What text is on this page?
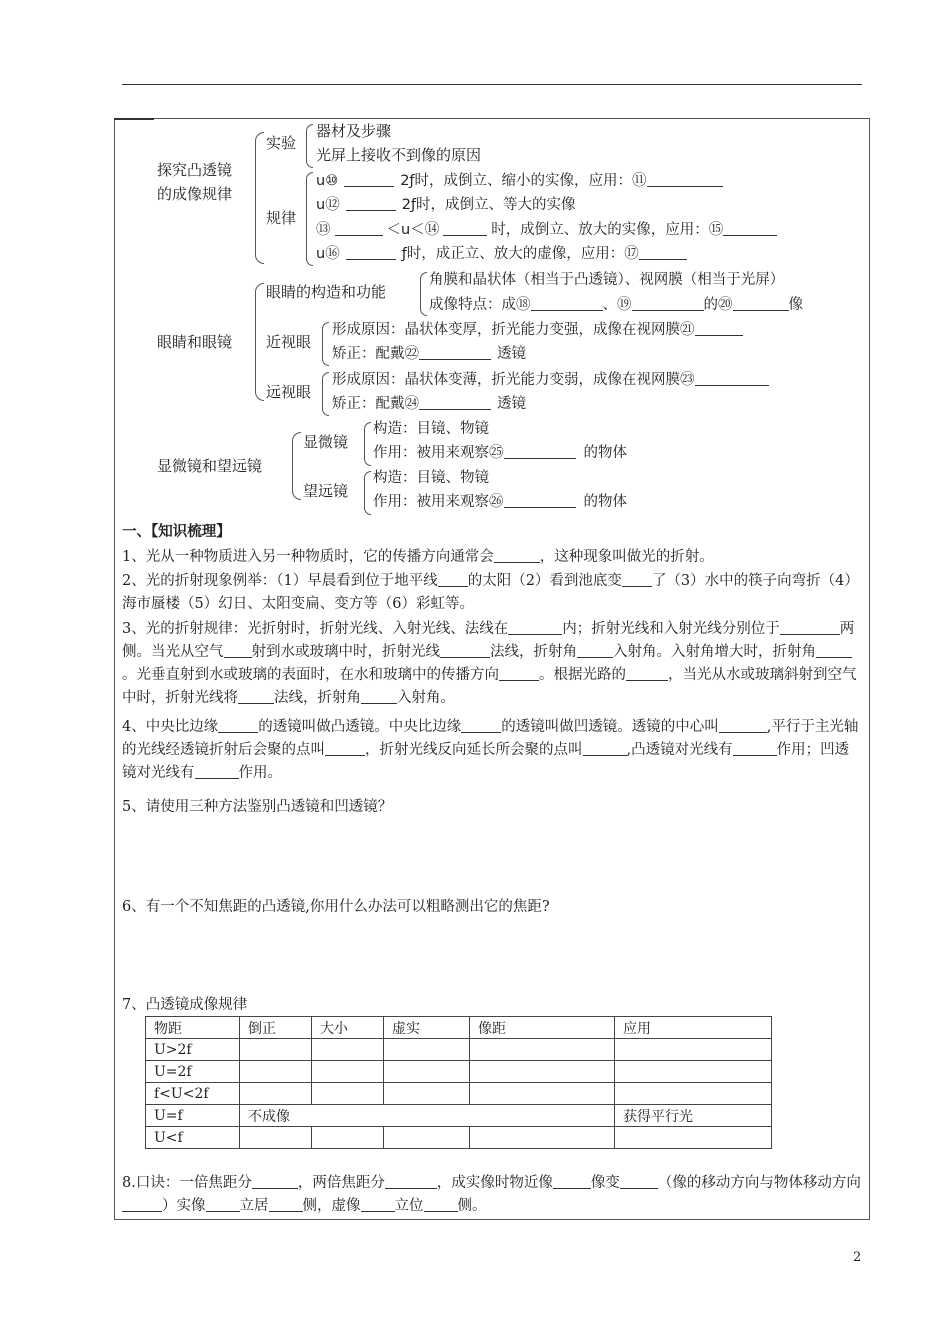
探究凸透镜
的成像规律
实验
器材及步骤
光屏上接收不到像的原因
规律
u⑩	2ƒ时，成倒立、缩小的实像，应用：⑪
u⑫	2ƒ时，成倒立、等大的实像
⑬	＜u＜⑭	时，成倒立、放大的实像，应用：⑮
u⑯	ƒ时，成正立、放大的虚像，应用：⑰
眼睛和眼镜
眼睛的构造和功能
角膜和晶状体（相当于凸透镜）、视网膜（相当于光屏）
成像特点：成⑱	、⑲	的⑳	像
近视眼
形成原因：晶状体变厚，折光能力变强，成像在视网膜㉑
矫正：配戴㉒	透镜
远视眼
形成原因：晶状体变薄，折光能力变弱，成像在视网膜㉓
矫正：配戴㉔	透镜
显微镜和望远镜
显微镜
构造：目镜、物镜
作用：被用来观察㉕	的物体
望远镜
构造：目镜、物镜
作用：被用来观察㉖	的物体
一、【知识梳理】
1、光从一种物质进入另一种物质时，它的传播方向通常会	，这种现象叫做光的折射。
2、光的折射现象例举：（1）早晨看到位于地平线 的太阳（2）看到池底变 了（3）水中的筷子向弯折（4）海市蜃楼（5）幻日、太阳变扁、变方等（6）彩虹等。
3、光的折射规律：光折射时，折射光线、入射光线、法线在	内；折射光线和入射光线分别位于	两侧。当光从空气 射到水或玻璃中时，折射光线	法线，折射角 入射角。入射角增大时，折射角。光垂直射到水或玻璃的表面时，在水和玻璃中的传播方向	。根据光路的	，当光从水或玻璃斜射到空气中时，折射光线将 法线，折射角 入射角。
4、中央比边缘	的透镜叫做凸透镜。中央比边缘	的透镜叫做凹透镜。透镜的中心叫	,平行于主光轴的光线经透镜折射后会聚的点叫	，折射光线反向延长所会聚的点叫	,凸透镜对光线有	作用；凹透镜对光线有	作用。
5、请使用三种方法鉴别凸透镜和凹透镜？
6、有一个不知焦距的凸透镜,你用什么办法可以粗略测出它的焦距?
7、凸透镜成像规律
物距	倒正	大小	虚实	像距	应用
U>2f					
U=2f					
f<U<2f					
U=f	不成像				获得平行光
U<f					
8.口诀：一倍焦距分	，两倍焦距分	，成实像时物近像	像变	（像的移动方向与物体移动方向）实像 立居 侧，虚像 立位 侧。
2
